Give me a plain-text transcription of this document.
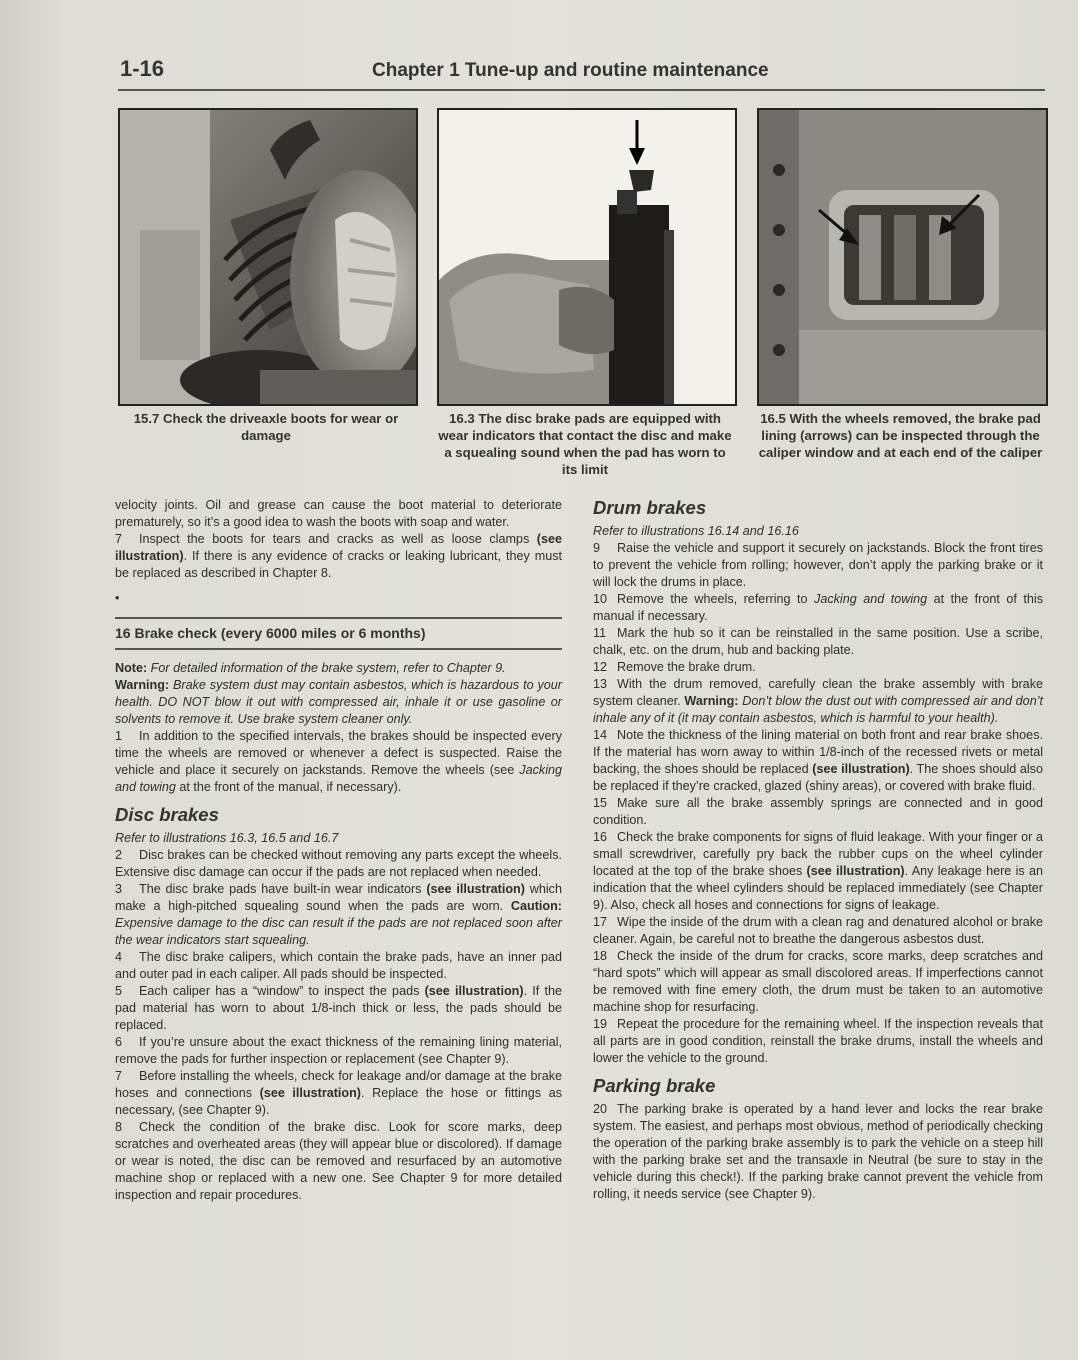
1-16	Chapter 1 Tune-up and routine maintenance

15.7 Check the driveaxle boots for wear or damage

16.3 The disc brake pads are equipped with wear indicators that contact the disc and make a squealing sound when the pad has worn to its limit

16.5 With the wheels removed, the brake pad lining (arrows) can be inspected through the caliper window and at each end of the caliper

velocity joints. Oil and grease can cause the boot material to deteriorate prematurely, so it’s a good idea to wash the boots with soap and water.

7 Inspect the boots for tears and cracks as well as loose clamps (see illustration). If there is any evidence of cracks or leaking lubricant, they must be replaced as described in Chapter 8.

•

16 Brake check (every 6000 miles or 6 months)

Note: For detailed information of the brake system, refer to Chapter 9.
Warning: Brake system dust may contain asbestos, which is hazardous to your health. DO NOT blow it out with compressed air, inhale it or use gasoline or solvents to remove it. Use brake system cleaner only.

1 In addition to the specified intervals, the brakes should be inspected every time the wheels are removed or whenever a defect is suspected. Raise the vehicle and place it securely on jackstands. Remove the wheels (see Jacking and towing at the front of the manual, if necessary).

Disc brakes

Refer to illustrations 16.3, 16.5 and 16.7

2 Disc brakes can be checked without removing any parts except the wheels. Extensive disc damage can occur if the pads are not replaced when needed.

3 The disc brake pads have built-in wear indicators (see illustration) which make a high-pitched squealing sound when the pads are worn. Caution: Expensive damage to the disc can result if the pads are not replaced soon after the wear indicators start squealing.

4 The disc brake calipers, which contain the brake pads, have an inner pad and outer pad in each caliper. All pads should be inspected.

5 Each caliper has a “window” to inspect the pads (see illustration). If the pad material has worn to about 1/8-inch thick or less, the pads should be replaced.

6 If you’re unsure about the exact thickness of the remaining lining material, remove the pads for further inspection or replacement (see Chapter 9).

7 Before installing the wheels, check for leakage and/or damage at the brake hoses and connections (see illustration). Replace the hose or fittings as necessary, (see Chapter 9).

8 Check the condition of the brake disc. Look for score marks, deep scratches and overheated areas (they will appear blue or discolored). If damage or wear is noted, the disc can be removed and resurfaced by an automotive machine shop or replaced with a new one. See Chapter 9 for more detailed inspection and repair procedures.

Drum brakes

Refer to illustrations 16.14 and 16.16

9 Raise the vehicle and support it securely on jackstands. Block the front tires to prevent the vehicle from rolling; however, don’t apply the parking brake or it will lock the drums in place.

10 Remove the wheels, referring to Jacking and towing at the front of this manual if necessary.

11 Mark the hub so it can be reinstalled in the same position. Use a scribe, chalk, etc. on the drum, hub and backing plate.

12 Remove the brake drum.

13 With the drum removed, carefully clean the brake assembly with brake system cleaner. Warning: Don’t blow the dust out with compressed air and don’t inhale any of it (it may contain asbestos, which is harmful to your health).

14 Note the thickness of the lining material on both front and rear brake shoes. If the material has worn away to within 1/8-inch of the recessed rivets or metal backing, the shoes should be replaced (see illustration). The shoes should also be replaced if they’re cracked, glazed (shiny areas), or covered with brake fluid.

15 Make sure all the brake assembly springs are connected and in good condition.

16 Check the brake components for signs of fluid leakage. With your finger or a small screwdriver, carefully pry back the rubber cups on the wheel cylinder located at the top of the brake shoes (see illustration). Any leakage here is an indication that the wheel cylinders should be replaced immediately (see Chapter 9). Also, check all hoses and connections for signs of leakage.

17 Wipe the inside of the drum with a clean rag and denatured alcohol or brake cleaner. Again, be careful not to breathe the dangerous asbestos dust.

18 Check the inside of the drum for cracks, score marks, deep scratches and “hard spots” which will appear as small discolored areas. If imperfections cannot be removed with fine emery cloth, the drum must be taken to an automotive machine shop for resurfacing.

19 Repeat the procedure for the remaining wheel. If the inspection reveals that all parts are in good condition, reinstall the brake drums, install the wheels and lower the vehicle to the ground.

Parking brake

20 The parking brake is operated by a hand lever and locks the rear brake system. The easiest, and perhaps most obvious, method of periodically checking the operation of the parking brake assembly is to park the vehicle on a steep hill with the parking brake set and the transaxle in Neutral (be sure to stay in the vehicle during this check!). If the parking brake cannot prevent the vehicle from rolling, it needs service (see Chapter 9).
